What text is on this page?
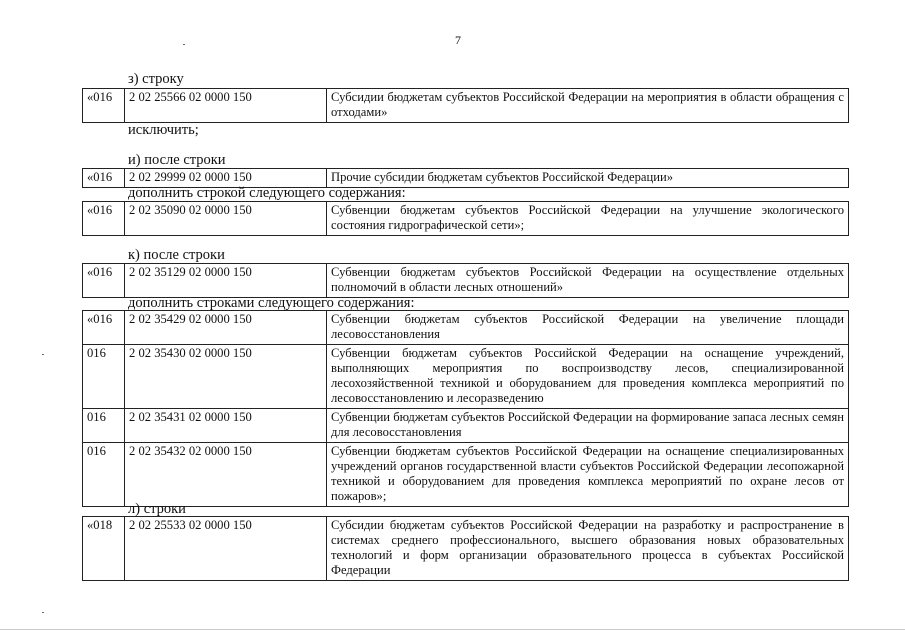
7
з) строку
«016	2 02 25566 02 0000 150	Субсидии бюджетам субъектов Российской Федерации на мероприятия в области обращения с отходами»
исключить;
и) после строки
«016	2 02 29999 02 0000 150	Прочие субсидии бюджетам субъектов Российской Федерации»
дополнить строкой следующего содержания:
«016	2 02 35090 02 0000 150	Субвенции бюджетам субъектов Российской Федерации на улучшение экологического состояния гидрографической сети»;
к) после строки
«016	2 02 35129 02 0000 150	Субвенции бюджетам субъектов Российской Федерации на осуществление отдельных полномочий в области лесных отношений»
дополнить строками следующего содержания:
«016	2 02 35429 02 0000 150	Субвенции бюджетам субъектов Российской Федерации на увеличение площади лесовосстановления
016	2 02 35430 02 0000 150	Субвенции бюджетам субъектов Российской Федерации на оснащение учреждений, выполняющих мероприятия по воспроизводству лесов, специализированной лесохозяйственной техникой и оборудованием для проведения комплекса мероприятий по лесовосстановлению и лесоразведению
016	2 02 35431 02 0000 150	Субвенции бюджетам субъектов Российской Федерации на формирование запаса лесных семян для лесовосстановления
016	2 02 35432 02 0000 150	Субвенции бюджетам субъектов Российской Федерации на оснащение специализированных учреждений органов государственной власти субъектов Российской Федерации лесопожарной техникой и оборудованием для проведения комплекса мероприятий по охране лесов от пожаров»;
л) строки
«018	2 02 25533 02 0000 150	Субсидии бюджетам субъектов Российской Федерации на разработку и распространение в системах среднего профессионального, высшего образования новых образовательных технологий и форм организации образовательного процесса в субъектах Российской Федерации
